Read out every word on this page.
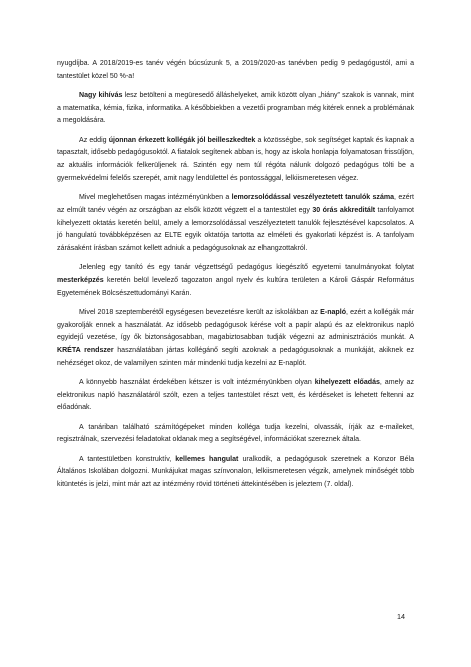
nyugdíjba. A 2018/2019-es tanév végén búcsúzunk 5, a 2019/2020-as tanévben pedig 9 pedagógustól, ami a tantestület közel 50 %-a!

Nagy kihívás lesz betölteni a megüresedő álláshelyeket, amik között olyan „hiány” szakok is vannak, mint a matematika, kémia, fizika, informatika. A későbbiekben a vezetői programban még kitérek ennek a problémának a megoldására.

Az eddig újonnan érkezett kollégák jól beilleszkedtek a közösségbe, sok segítséget kaptak és kapnak a tapasztalt, idősebb pedagógusoktól. A fiatalok segítenek abban is, hogy az iskola honlapja folyamatosan frissüljön, az aktuális információk felkerüljenek rá. Szintén egy nem túl régóta nálunk dolgozó pedagógus tölti be a gyermekvédelmi felelős szerepét, amit nagy lendülettel és pontossággal, lelkiismeretesen végez.

Mivel meglehetősen magas intézményünkben a lemorzsolódással veszélyeztetett tanulók száma, ezért az elmúlt tanév végén az országban az elsők között végzett el a tantestület egy 30 órás akkreditált tanfolyamot kihelyezett oktatás keretén belül, amely a lemorzsolódással veszélyeztetett tanulók fejlesztésével kapcsolatos. A jó hangulatú továbbképzésen az ELTE egyik oktatója tartotta az elméleti és gyakorlati képzést is. A tanfolyam zárásaként írásban számot kellett adniuk a pedagógusoknak az elhangzottakról.

Jelenleg egy tanító és egy tanár végzettségű pedagógus kiegészítő egyetemi tanulmányokat folytat mesterképzés keretén belül levelező tagozaton angol nyelv és kultúra területen a Károli Gáspár Református Egyetemének Bölcsészettudományi Karán.

Mivel 2018 szeptemberétől egységesen bevezetésre került az iskolákban az E-napló, ezért a kollégák már gyakorolják ennek a használatát. Az idősebb pedagógusok kérése volt a papír alapú és az elektronikus napló egyidejű vezetése, így ők biztonságosabban, magabiztosabban tudják végezni az adminisztrációs munkát. A KRÉTA rendszer használatában jártas kollégánő segíti azoknak a pedagógusoknak a munkáját, akiknek ez nehézséget okoz, de valamilyen szinten már mindenki tudja kezelni az E-naplót.

A könnyebb használat érdekében kétszer is volt intézményünkben olyan kihelyezett előadás, amely az elektronikus napló használatáról szólt, ezen a teljes tantestület részt vett, és kérdéseket is lehetett feltenni az előadónak.

A tanáriban található számítógépeket minden kolléga tudja kezelni, olvassák, írják az e-maileket, regisztrálnak, szervezési feladatokat oldanak meg a segítségével, információkat szereznek általa.

A tantestületben konstruktív, kellemes hangulat uralkodik, a pedagógusok szeretnek a Konzor Béla Általános Iskolában dolgozni. Munkájukat magas színvonalon, lelkiismeretesen végzik, amelynek minőségét több kitüntetés is jelzi, mint már azt az intézmény rövid történeti áttekintésében is jeleztem (7. oldal).

14
